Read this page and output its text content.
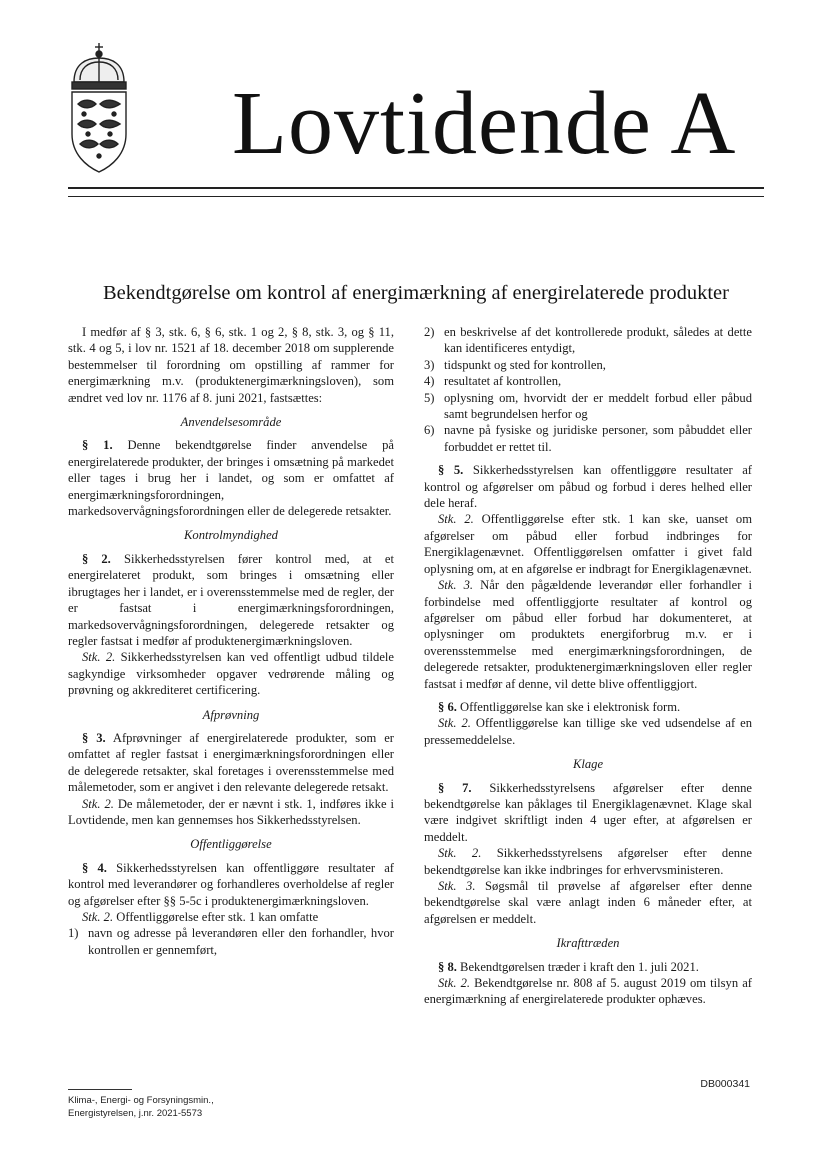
Lovtidende A
Bekendtgørelse om kontrol af energimærkning af energirelaterede produkter

I medfør af § 3, stk. 6, § 6, stk. 1 og 2, § 8, stk. 3, og § 11, stk. 4 og 5, i lov nr. 1521 af 18. december 2018 om supplerende bestemmelser til forordning om opstilling af rammer for energimærkning m.v. (produktenergimærkningsloven), som ændret ved lov nr. 1176 af 8. juni 2021, fastsættes:

Anvendelsesområde

§ 1. Denne bekendtgørelse finder anvendelse på energirelaterede produkter, der bringes i omsætning på markedet eller tages i brug her i landet, og som er omfattet af energimærkningsforordningen, markedsovervågningsforordningen eller de delegerede retsakter.

Kontrolmyndighed

§ 2. Sikkerhedsstyrelsen fører kontrol med, at et energirelateret produkt, som bringes i omsætning eller ibrugtages her i landet, er i overensstemmelse med de regler, der er fastsat i energimærkningsforordningen, markedsovervågningsforordningen, delegerede retsakter og regler fastsat i medfør af produktenergimærkningsloven.

Stk. 2. Sikkerhedsstyrelsen kan ved offentligt udbud tildele sagkyndige virksomheder opgaver vedrørende måling og prøvning og akkrediteret certificering.

Afprøvning

§ 3. Afprøvninger af energirelaterede produkter, som er omfattet af regler fastsat i energimærkningsforordningen eller de delegerede retsakter, skal foretages i overensstemmelse med målemetoder, som er angivet i den relevante delegerede retsakt.

Stk. 2. De målemetoder, der er nævnt i stk. 1, indføres ikke i Lovtidende, men kan gennemses hos Sikkerhedsstyrelsen.

Offentliggørelse

§ 4. Sikkerhedsstyrelsen kan offentliggøre resultater af kontrol med leverandører og forhandleres overholdelse af regler og afgørelser efter §§ 5-5c i produktenergimærkningsloven.

Stk. 2. Offentliggørelse efter stk. 1 kan omfatte

1) navn og adresse på leverandøren eller den forhandler, hvor kontrollen er gennemført,
2) en beskrivelse af det kontrollerede produkt, således at dette kan identificeres entydigt,
3) tidspunkt og sted for kontrollen,
4) resultatet af kontrollen,
5) oplysning om, hvorvidt der er meddelt forbud eller påbud samt begrundelsen herfor og
6) navne på fysiske og juridiske personer, som påbuddet eller forbuddet er rettet til.

§ 5. Sikkerhedsstyrelsen kan offentliggøre resultater af kontrol og afgørelser om påbud og forbud i deres helhed eller dele heraf.

Stk. 2. Offentliggørelse efter stk. 1 kan ske, uanset om afgørelser om påbud eller forbud indbringes for Energiklagenævnet. Offentliggørelsen omfatter i givet fald oplysning om, at en afgørelse er indbragt for Energiklagenævnet.

Stk. 3. Når den pågældende leverandør eller forhandler i forbindelse med offentliggjorte resultater af kontrol og afgørelser om påbud eller forbud har dokumenteret, at oplysninger om produktets energiforbrug m.v. er i overensstemmelse med energimærkningsforordningen, de delegerede retsakter, produktenergimærkningsloven eller regler fastsat i medfør af denne, vil dette blive offentliggjort.

§ 6. Offentliggørelse kan ske i elektronisk form.

Stk. 2. Offentliggørelse kan tillige ske ved udsendelse af en pressemeddelelse.

Klage

§ 7. Sikkerhedsstyrelsens afgørelser efter denne bekendtgørelse kan påklages til Energiklagenævnet. Klage skal være indgivet skriftligt inden 4 uger efter, at afgørelsen er meddelt.

Stk. 2. Sikkerhedsstyrelsens afgørelser efter denne bekendtgørelse kan ikke indbringes for erhvervsministeren.

Stk. 3. Søgsmål til prøvelse af afgørelser efter denne bekendtgørelse skal være anlagt inden 6 måneder efter, at afgørelsen er meddelt.

Ikrafttræden

§ 8. Bekendtgørelsen træder i kraft den 1. juli 2021.

Stk. 2. Bekendtgørelse nr. 808 af 5. august 2019 om tilsyn af energimærkning af energirelaterede produkter ophæves.

DB000341
Klima-, Energi- og Forsyningsmin.,
Energistyrelsen, j.nr. 2021-5573
